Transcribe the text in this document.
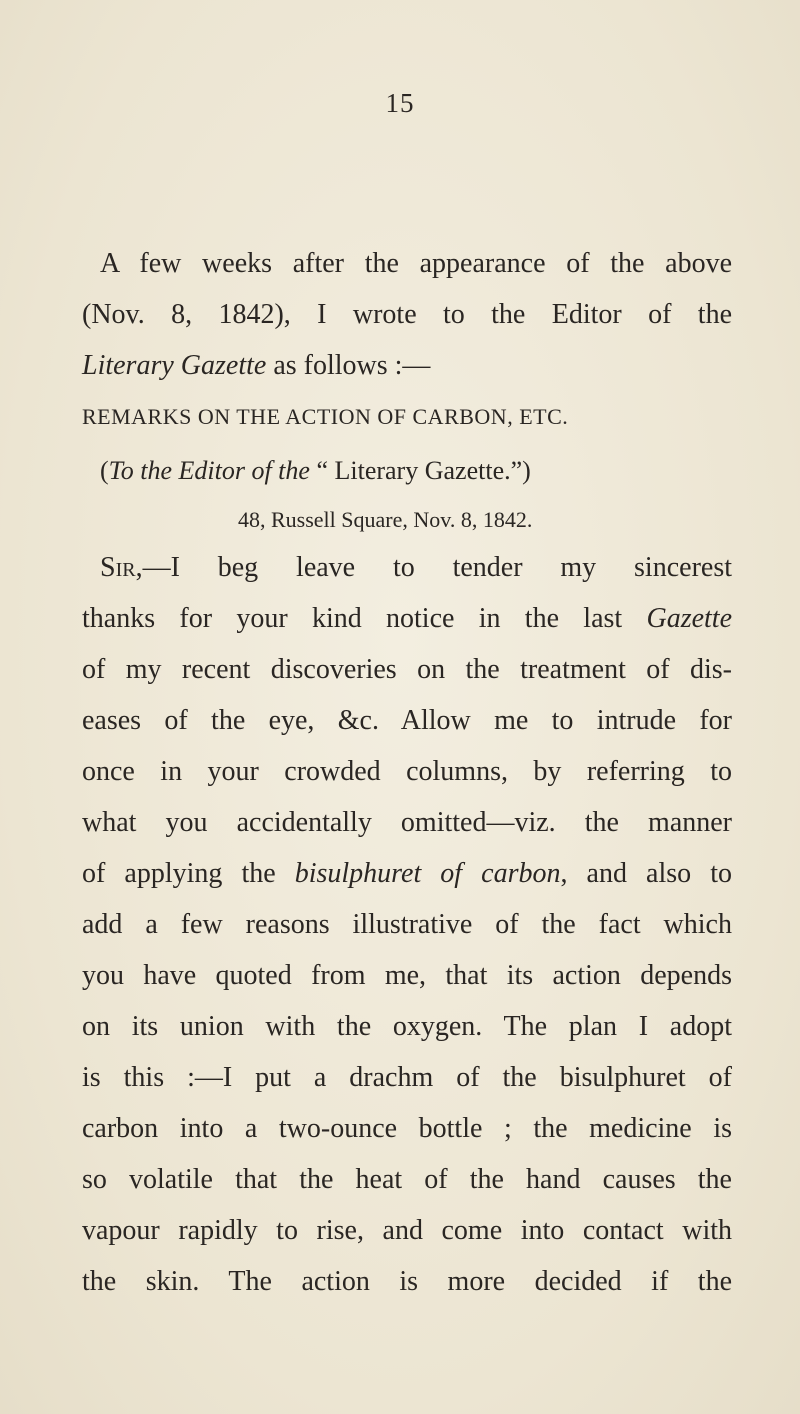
15
A few weeks after the appearance of the above
(Nov. 8, 1842), I wrote to the Editor of the
Literary Gazette as follows :—
REMARKS ON THE ACTION OF CARBON, ETC.
(To the Editor of the “ Literary Gazette.”)
48, Russell Square, Nov. 8, 1842.
Sir,—I beg leave to tender my sincerest
thanks for your kind notice in the last Gazette
of my recent discoveries on the treatment of dis-
eases of the eye, &c. Allow me to intrude for
once in your crowded columns, by referring to
what you accidentally omitted—viz. the manner
of applying the bisulphuret of carbon, and also to
add a few reasons illustrative of the fact which
you have quoted from me, that its action depends
on its union with the oxygen. The plan I adopt
is this :—I put a drachm of the bisulphuret of
carbon into a two-ounce bottle ; the medicine is
so volatile that the heat of the hand causes the
vapour rapidly to rise, and come into contact with
the skin. The action is more decided if the
